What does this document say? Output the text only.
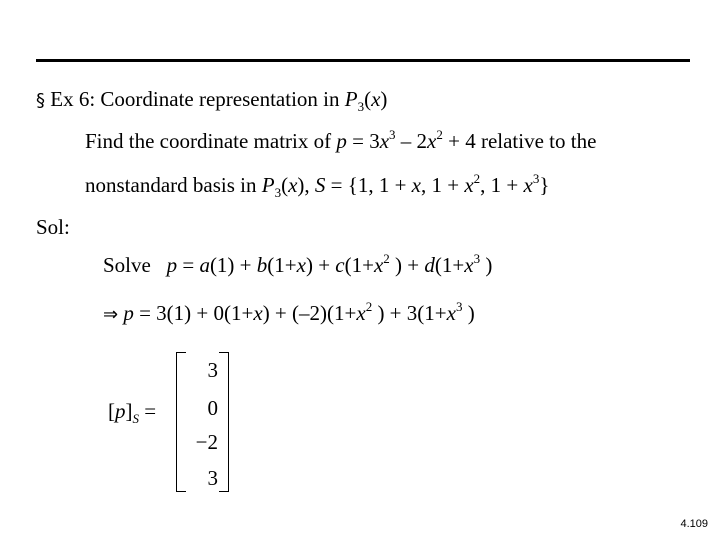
§ Ex 6: Coordinate representation in $P_3(x)$
Find the coordinate matrix of $p = 3x^3 - 2x^2 + 4$ relative to the
nonstandard basis in $P_3(x)$, S = {1, 1 + x, $1 + x^2$, $1 + x^3$}
Sol:
Solve $p = a(1) + b(1+x) + c(1+x^2$ ) + $d(1+x^3$ )
⇒ $p = 3(1) + 0(1+x) + (-2)(1+x^2$ ) + $3(1+x^3$ )
$[p]_S$ =
3
0
−2
3
4.109
